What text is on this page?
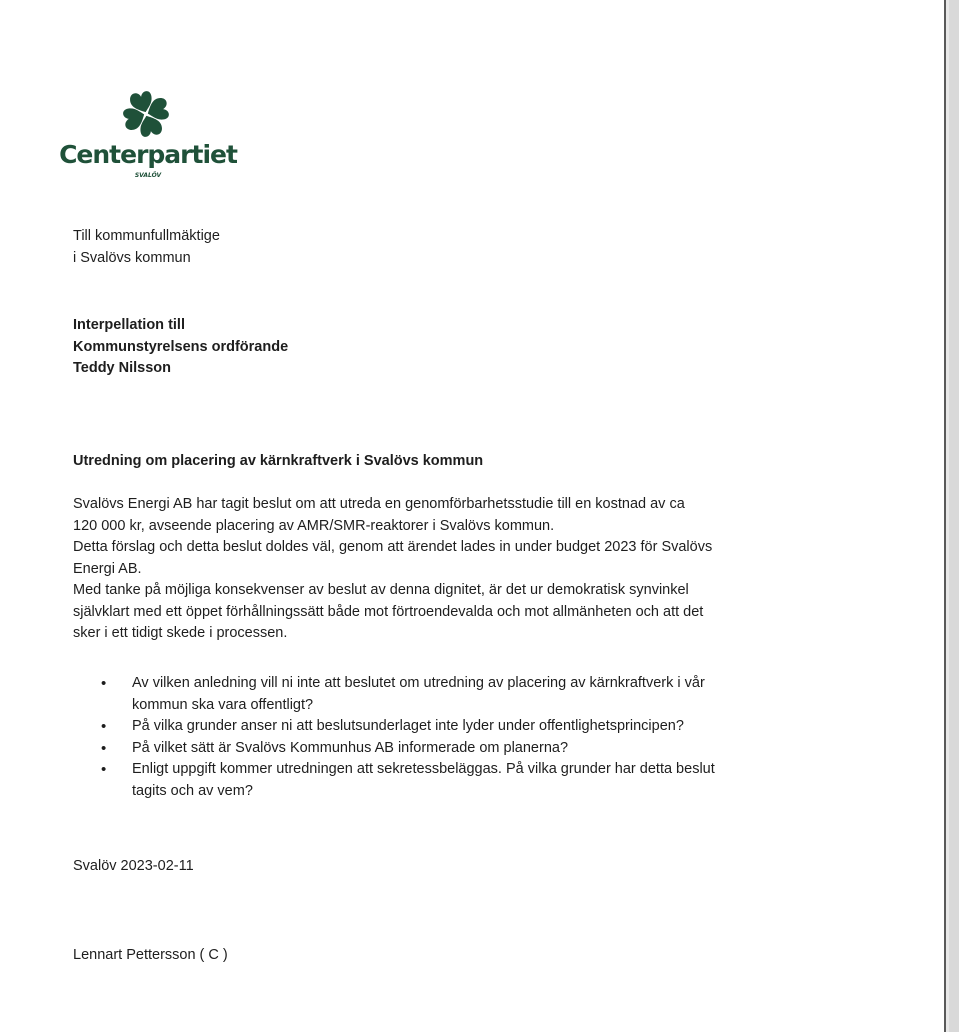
Centerpartiet
SVALÖV
Till kommunfullmäktige
i Svalövs kommun
Interpellation till
Kommunstyrelsens ordförande
Teddy Nilsson
Utredning om placering av kärnkraftverk i Svalövs kommun

Svalövs Energi AB har tagit beslut om att utreda en genomförbarhetsstudie till en kostnad av ca

120 000 kr, avseende placering av AMR/SMR-reaktorer i Svalövs kommun.

Detta förslag och detta beslut doldes väl, genom att ärendet lades in under budget 2023 för Svalövs

Energi AB.

Med tanke på möjliga konsekvenser av beslut av denna dignitet, är det ur demokratisk synvinkel

självklart med ett öppet förhållningssätt både mot förtroendevalda och mot allmänheten och att det

sker i ett tidigt skede i processen.

• Av vilken anledning vill ni inte att beslutet om utredning av placering av kärnkraftverk i vår
kommun ska vara offentligt?
• På vilka grunder anser ni att beslutsunderlaget inte lyder under offentlighetsprincipen?
• På vilket sätt är Svalövs Kommunhus AB informerade om planerna?
• Enligt uppgift kommer utredningen att sekretessbeläggas. På vilka grunder har detta beslut
tagits och av vem?
Svalöv 2023-02-11
Lennart Pettersson ( C )
